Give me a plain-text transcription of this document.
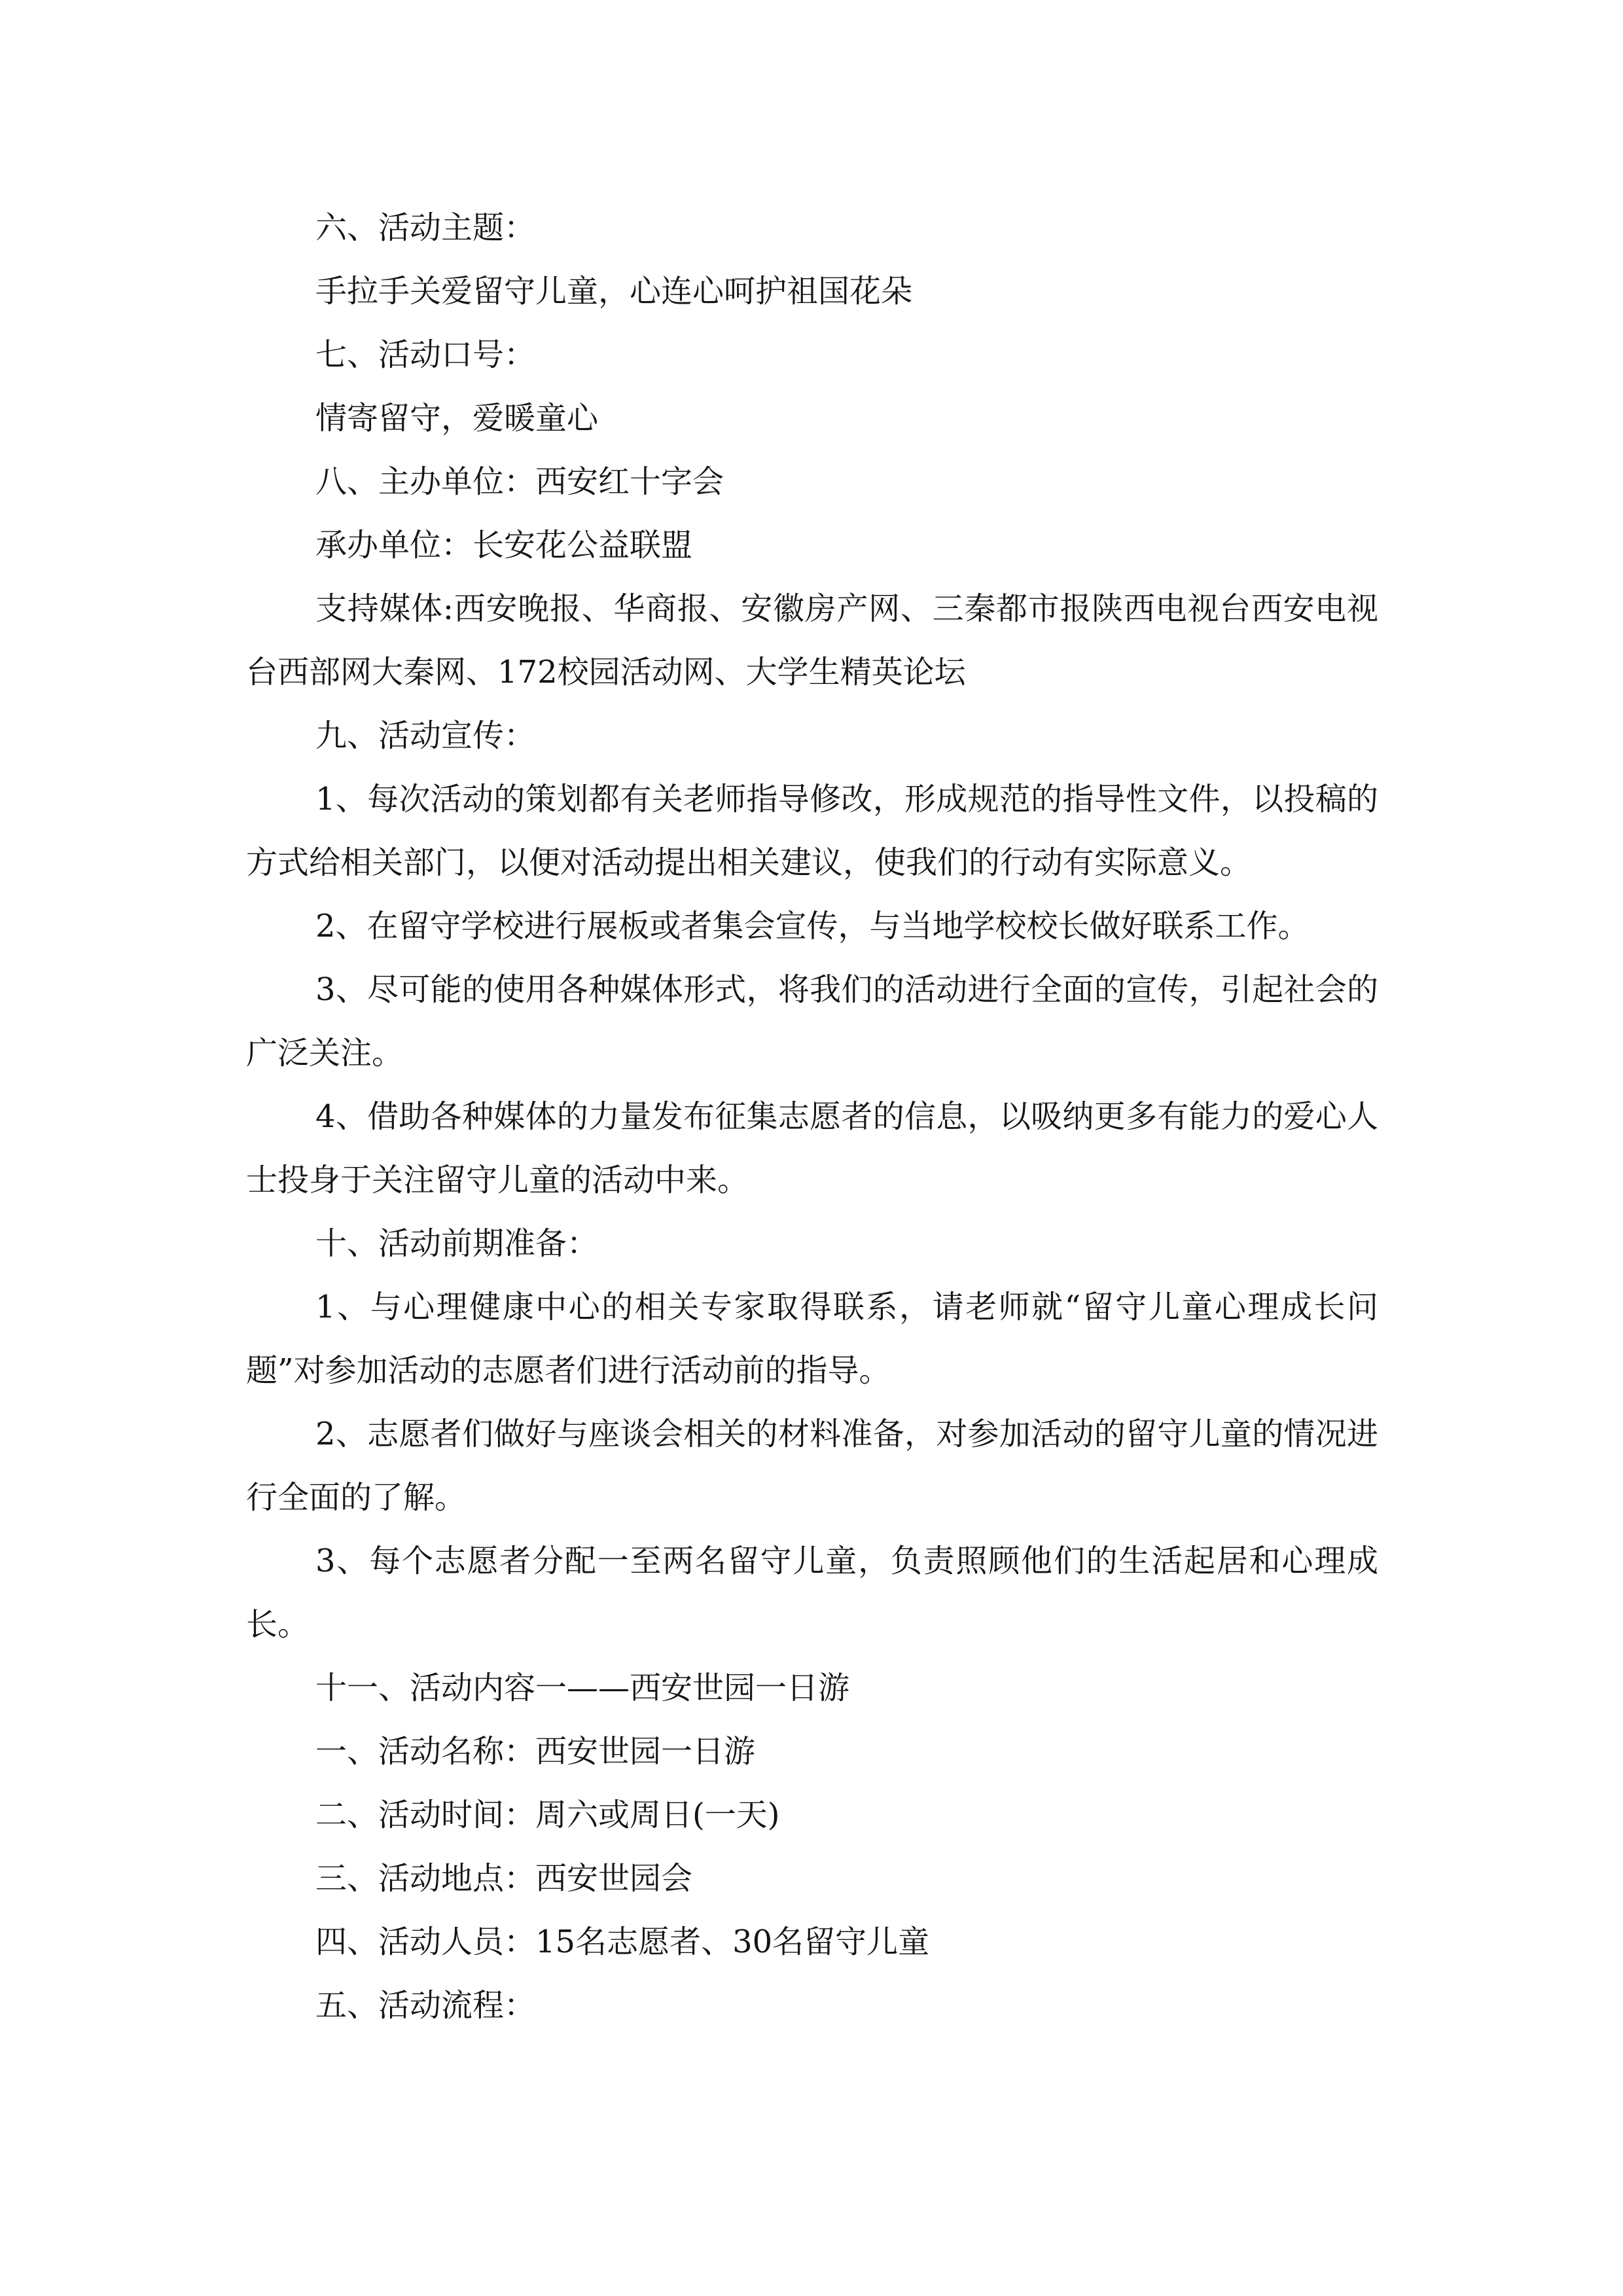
六、活动主题：

手拉手关爱留守儿童，心连心呵护祖国花朵

七、活动口号：

情寄留守，爱暖童心

八、主办单位：西安红十字会

承办单位：长安花公益联盟

支持媒体:西安晚报、华商报、安徽房产网、三秦都市报陕西电视台西安电视台西部网大秦网、172校园活动网、大学生精英论坛

九、活动宣传：

1、每次活动的策划都有关老师指导修改，形成规范的指导性文件，以投稿的方式给相关部门，以便对活动提出相关建议，使我们的行动有实际意义。

2、在留守学校进行展板或者集会宣传，与当地学校校长做好联系工作。

3、尽可能的使用各种媒体形式，将我们的活动进行全面的宣传，引起社会的广泛关注。

4、借助各种媒体的力量发布征集志愿者的信息，以吸纳更多有能力的爱心人士投身于关注留守儿童的活动中来。

十、活动前期准备：

1、与心理健康中心的相关专家取得联系，请老师就“留守儿童心理成长问题”对参加活动的志愿者们进行活动前的指导。

2、志愿者们做好与座谈会相关的材料准备，对参加活动的留守儿童的情况进行全面的了解。

3、每个志愿者分配一至两名留守儿童，负责照顾他们的生活起居和心理成长。

十一、活动内容一——西安世园一日游

一、活动名称：西安世园一日游

二、活动时间：周六或周日(一天)

三、活动地点：西安世园会

四、活动人员：15名志愿者、30名留守儿童

五、活动流程：
